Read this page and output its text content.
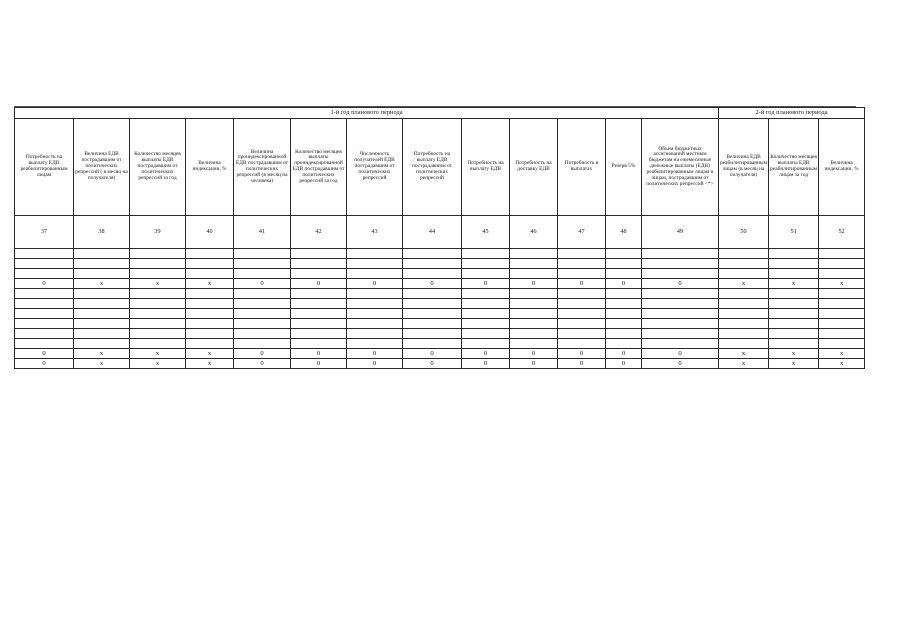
1-й год планового периода													2-й год планового периода		
Потребность на выплату ЕДВ реабилитированным лицам	Величина ЕДВ пострадавшим от политических репрессий ( в месяц на получателя)	Количество месяцев выплаты ЕДВ пострадавшим от политических репрессий за год	Величина индексации, %	Величина проиндексированной ЕДВ пострадавшим от политических репрессий (в месяц на человека)	Количество месяцев выплаты проиндексированной ЕДВ пострадавшим от политических репрессий за год	Численность получателей ЕДВ пострадавшим от политических репрессий	Потребность на выплату ЕДВ пострадавшим от политических репрессий	Потребность на выплату ЕДВ	Потребность на доставку ЕДВ	Потребность в выплатах	Резерв 5%	Объем бюджетных ассигнований местным бюджетам на ежемесячные денежные выплаты (ЕДВ) реабилитированным лицам и лицам, пострадавшим от политических репрессий <*>	Величина ЕДВ реабилитированным лицам (в месяц на получателя)	Количество месяцев выплаты ЕДВ реабилитированным лицам за год	Величина индексации, %
37	38	39	40	41	42	43	44	45	46	47	48	49	50	51	52

0	x	x	x	0	0	0	0	0	0	0	0	0	x	x	x

0	x	x	x	0	0	0	0	0	0	0	0	0	x	x	x
0	x	x	x	0	0	0	0	0	0	0	0	0	x	x	x
